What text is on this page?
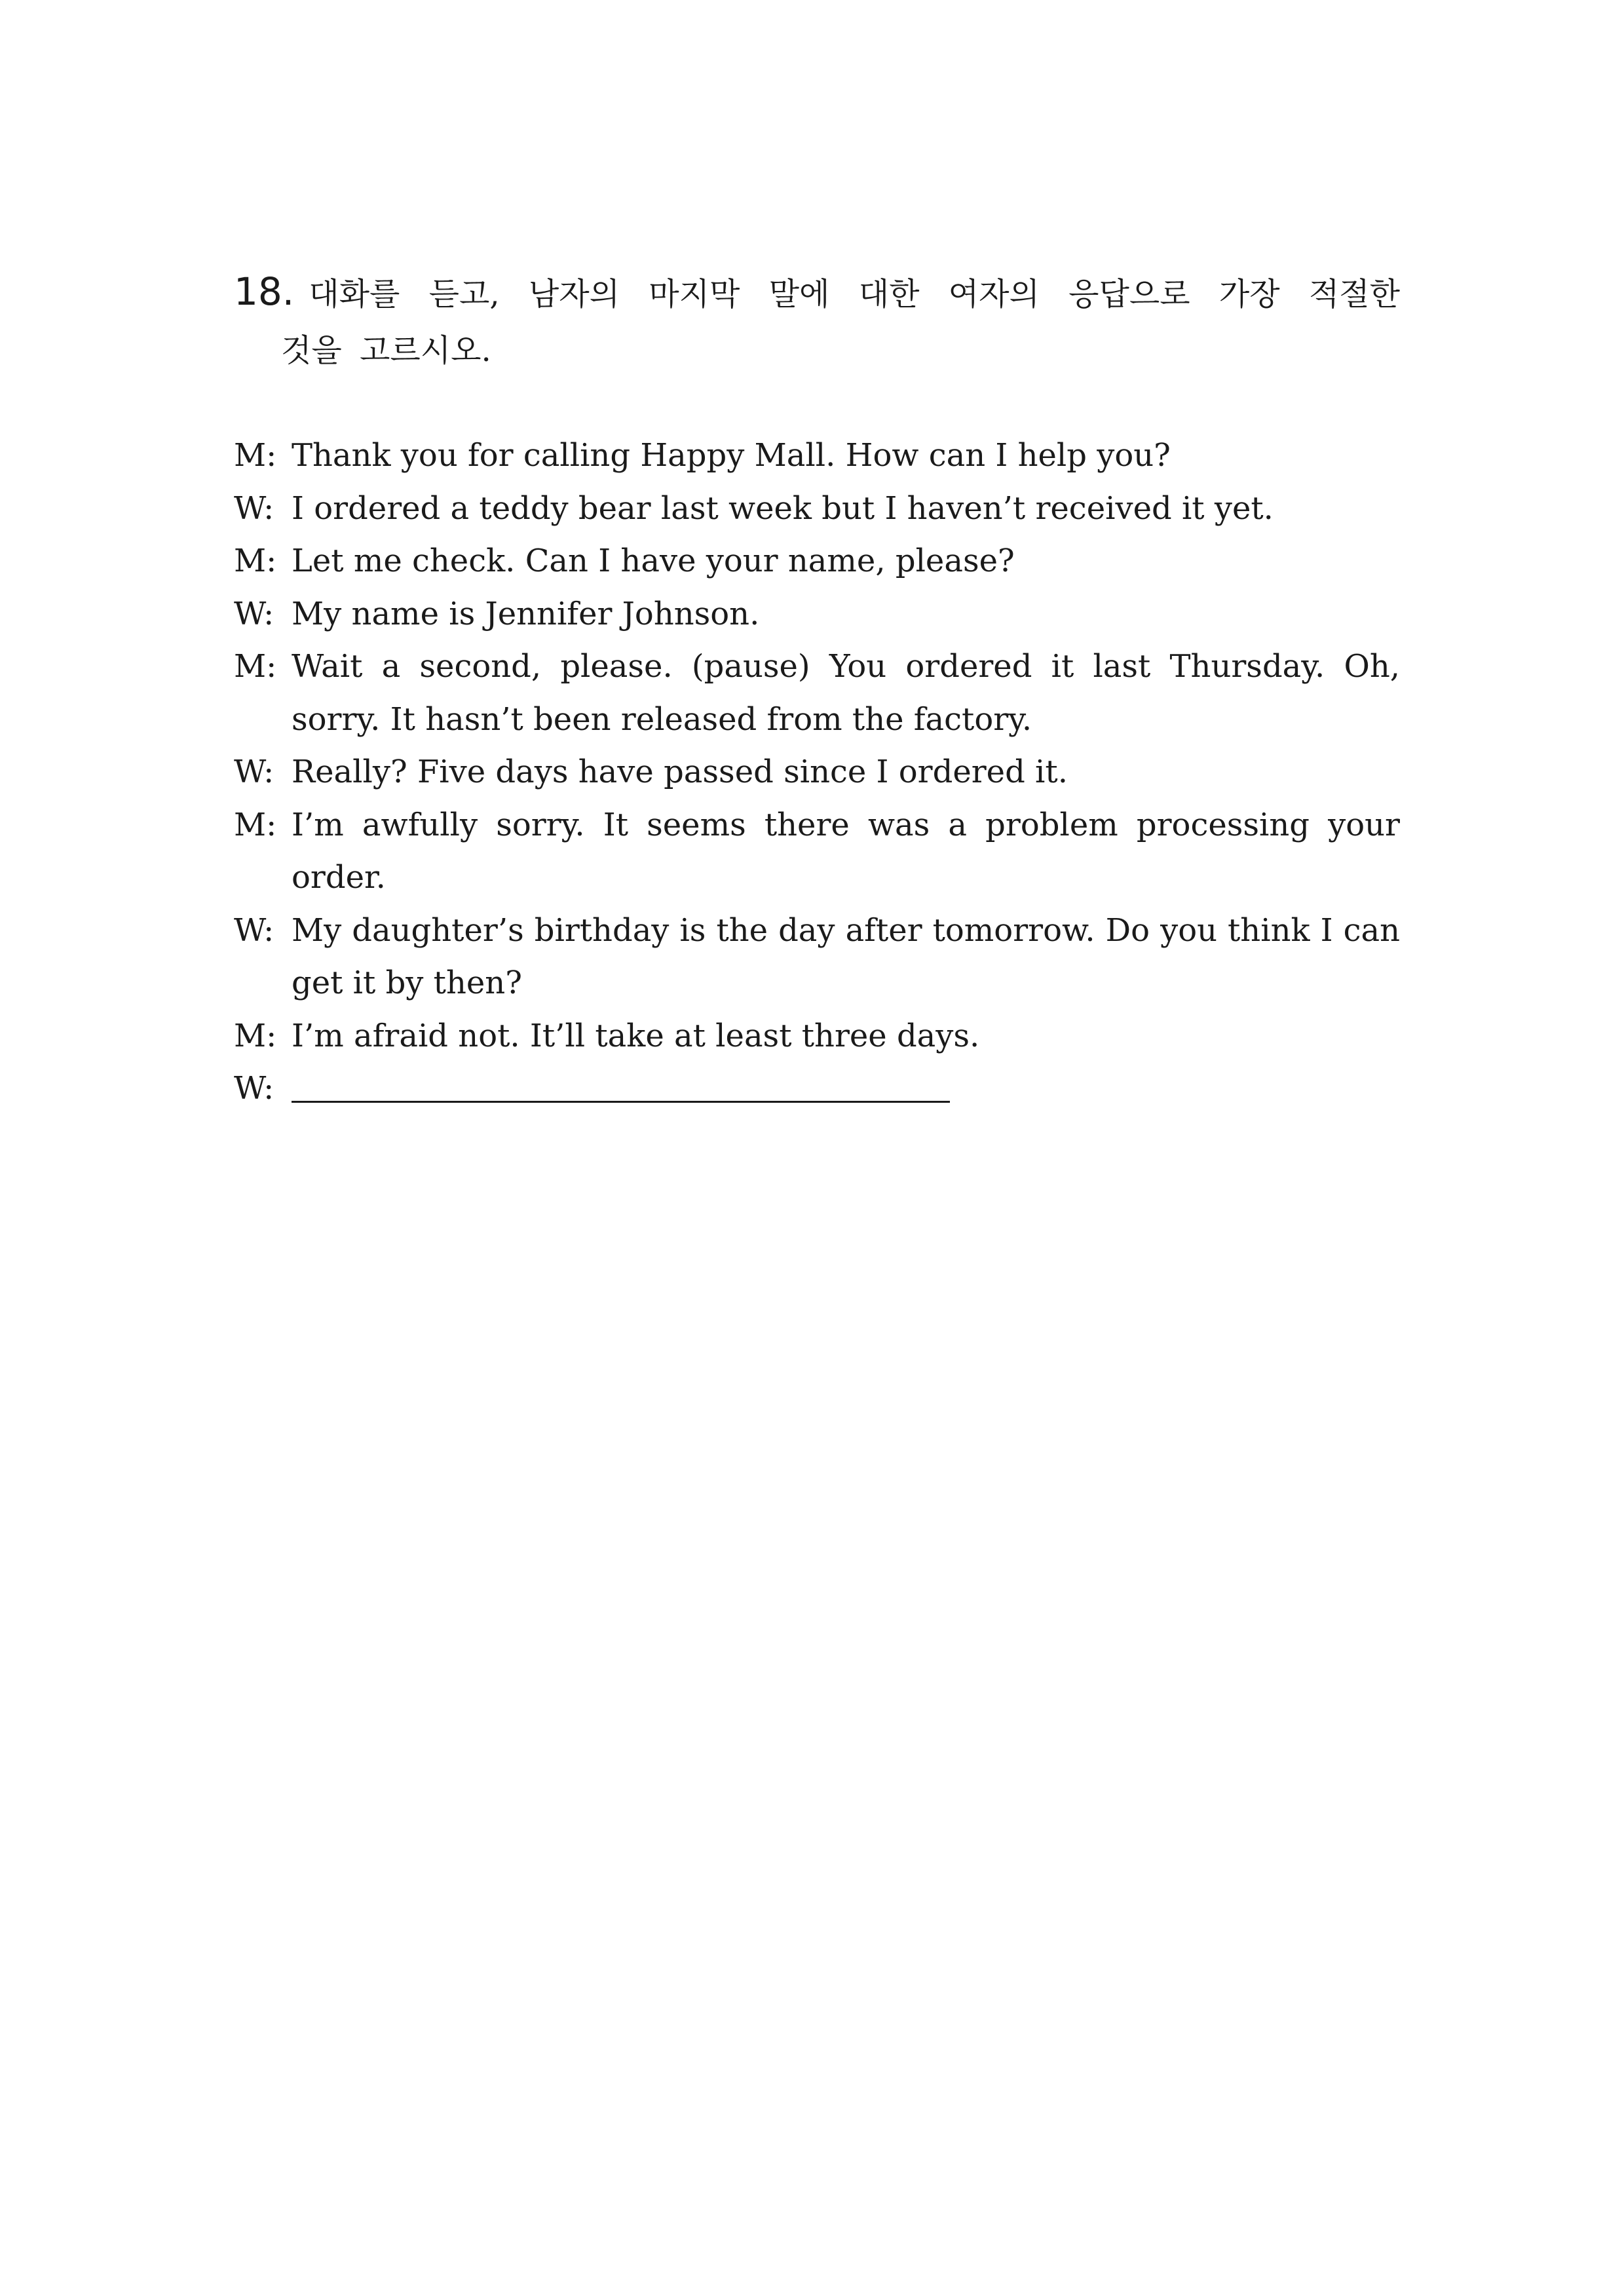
18. 대화를 듣고, 남자의 마지막 말에 대한 여자의 응답으로 가장 적절한
것을 고르시오.
M: Thank you for calling Happy Mall. How can I help you?
W: I ordered a teddy bear last week but I haven’t received it yet.
M: Let me check. Can I have your name, please?
W: My name is Jennifer Johnson.
M: Wait a second, please. (pause) You ordered it last Thursday. Oh, sorry. It hasn’t been released from the factory.
W: Really? Five days have passed since I ordered it.
M: I’m awfully sorry. It seems there was a problem processing your order.
W: My daughter’s birthday is the day after tomorrow. Do you think I can get it by then?
M: I’m afraid not. It’ll take at least three days.
W:
